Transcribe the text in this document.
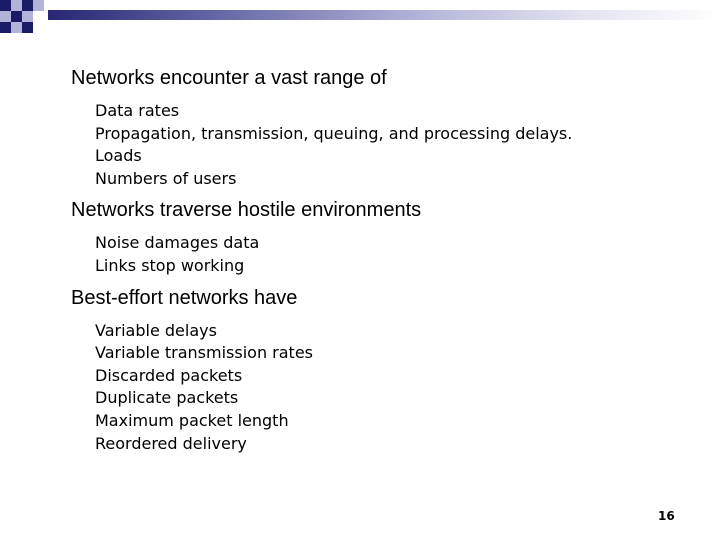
Networks encounter a vast range of
Data rates
Propagation, transmission, queuing, and processing delays.
Loads
Numbers of users
Networks traverse hostile environments
Noise damages data
Links stop working
Best-effort networks have
Variable delays
Variable transmission rates
Discarded packets
Duplicate packets
Maximum packet length
Reordered delivery
16
